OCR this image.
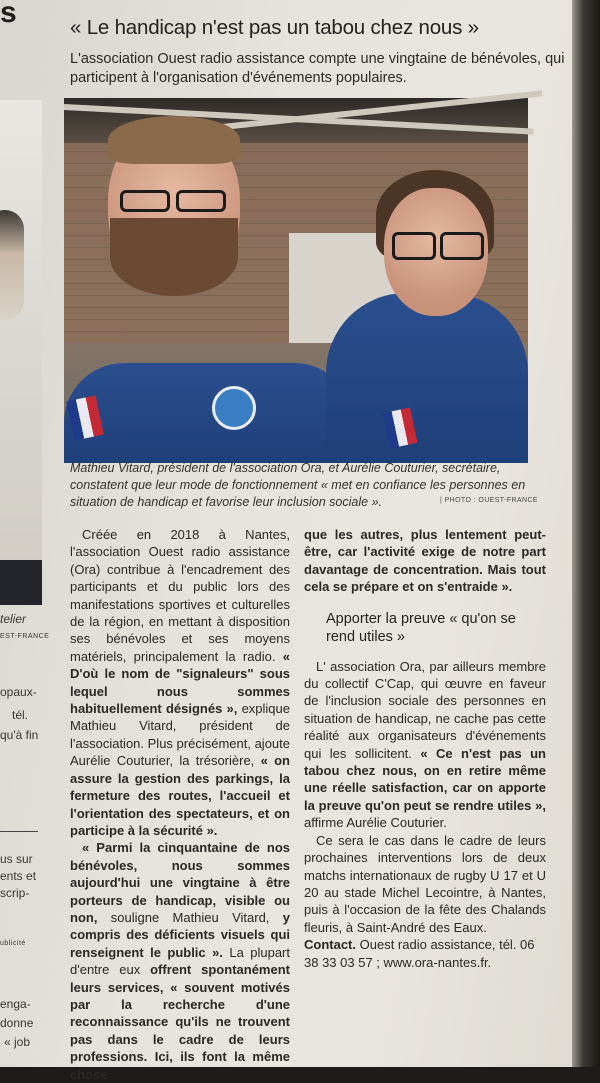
s
telier
EST-FRANCE
opaux-
tél.
qu'à fin
us sur
ents et
scrip-
ublicité
enga-
donne
« job
« Le handicap n'est pas un tabou chez nous »
L'association Ouest radio assistance compte une vingtaine de bénévoles, qui participent à l'organisation d'événements populaires.
Mathieu Vitard, président de l'association Ora, et Aurélie Couturier, secrétaire, constatent que leur mode de fonctionnement « met en confiance les personnes en situation de handicap et favorise leur inclusion sociale ».	| PHOTO : OUEST-FRANCE

Créée en 2018 à Nantes, l'association Ouest radio assistance (Ora) contribue à l'encadrement des participants et du public lors des manifestations sportives et culturelles de la région, en mettant à disposition ses bénévoles et ses moyens matériels, principalement la radio. « D'où le nom de "signaleurs" sous lequel nous sommes habituellement désignés », explique Mathieu Vitard, président de l'association. Plus précisément, ajoute Aurélie Couturier, la trésorière, « on assure la gestion des parkings, la fermeture des routes, l'accueil et l'orientation des spectateurs, et on participe à la sécurité ».

« Parmi la cinquantaine de nos bénévoles, nous sommes aujourd'hui une vingtaine à être porteurs de handicap, visible ou non, souligne Mathieu Vitard, y compris des déficients visuels qui renseignent le public ». La plupart d'entre eux offrent spontanément leurs services, « souvent motivés par la recherche d'une reconnaissance qu'ils ne trouvent pas dans le cadre de leurs professions. Ici, ils font la même chose

que les autres, plus lentement peut-être, car l'activité exige de notre part davantage de concentration. Mais tout cela se prépare et on s'entraide ».

Apporter la preuve « qu'on se rend utiles »

L' association Ora, par ailleurs membre du collectif C'Cap, qui œuvre en faveur de l'inclusion sociale des personnes en situation de handicap, ne cache pas cette réalité aux organisateurs d'événements qui les sollicitent. « Ce n'est pas un tabou chez nous, on en retire même une réelle satisfaction, car on apporte la preuve qu'on peut se rendre utiles », affirme Aurélie Couturier.

Ce sera le cas dans le cadre de leurs prochaines interventions lors de deux matchs internationaux de rugby U 17 et U 20 au stade Michel Lecointre, à Nantes, puis à l'occasion de la fête des Chalands fleuris, à Saint-André des Eaux.

Contact. Ouest radio assistance, tél. 06 38 33 03 57 ; www.ora-nantes.fr.
